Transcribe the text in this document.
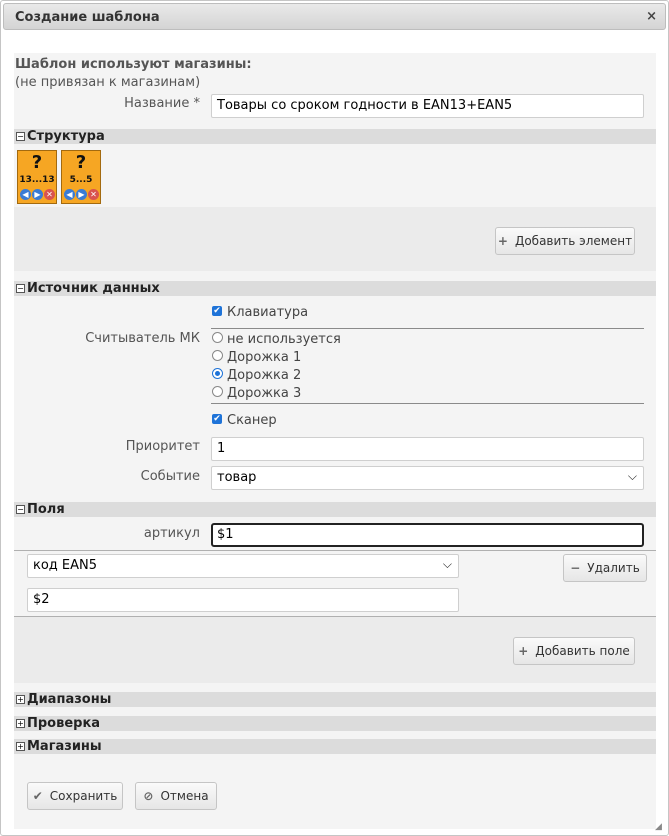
Создание шаблона	×
Шаблон используют магазины:
(не привязан к магазинам)
Название *	Товары со сроком годности в EAN13+EAN5
− Структура
?
13...13
◀ ▶ ✕
?
5...5
◀ ▶ ✕
+ Добавить элемент
− Источник данных
✔ Клавиатура
Считыватель МК не используется
Дорожка 1
Дорожка 2
Дорожка 3
✔ Сканер
Приоритет	1
Событие	товар	⌵
− Поля
артикул	$1
код EAN5	⌵	− Удалить
$2
+ Добавить поле
+ Диапазоны
+ Проверка
+ Магазины
✔ Сохранить	⊘ Отмена
◢
